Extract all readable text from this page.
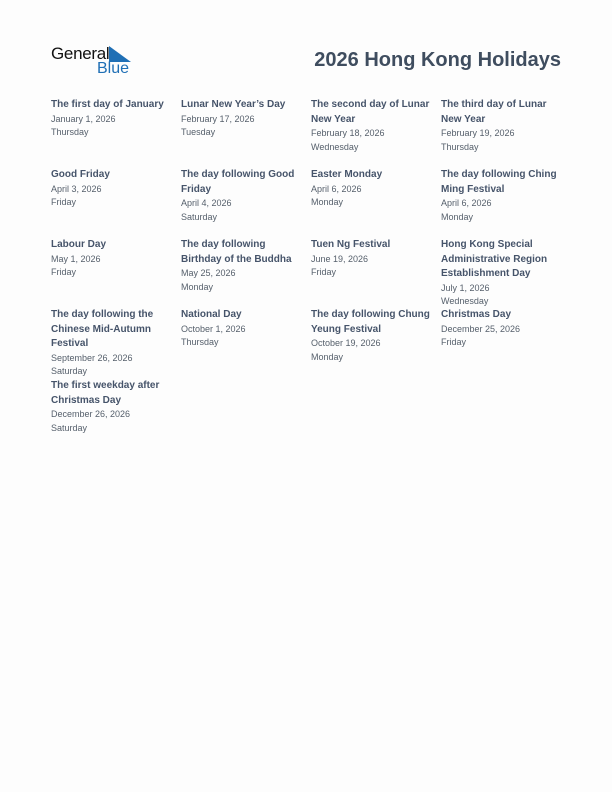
General
Blue	2026 Hong Kong Holidays
The first day of January
January 1, 2026
Thursday
Lunar New Year’s Day
February 17, 2026
Tuesday
The second day of Lunar New Year
February 18, 2026
Wednesday
The third day of Lunar New Year
February 19, 2026
Thursday
Good Friday
April 3, 2026
Friday
The day following Good Friday
April 4, 2026
Saturday
Easter Monday
April 6, 2026
Monday
The day following Ching Ming Festival
April 6, 2026
Monday
Labour Day
May 1, 2026
Friday
The day following Birthday of the Buddha
May 25, 2026
Monday
Tuen Ng Festival
June 19, 2026
Friday
Hong Kong Special Administrative Region Establishment Day
July 1, 2026
Wednesday
The day following the Chinese Mid-Autumn Festival
September 26, 2026
Saturday
National Day
October 1, 2026
Thursday
The day following Chung Yeung Festival
October 19, 2026
Monday
Christmas Day
December 25, 2026
Friday
The first weekday after Christmas Day
December 26, 2026
Saturday
